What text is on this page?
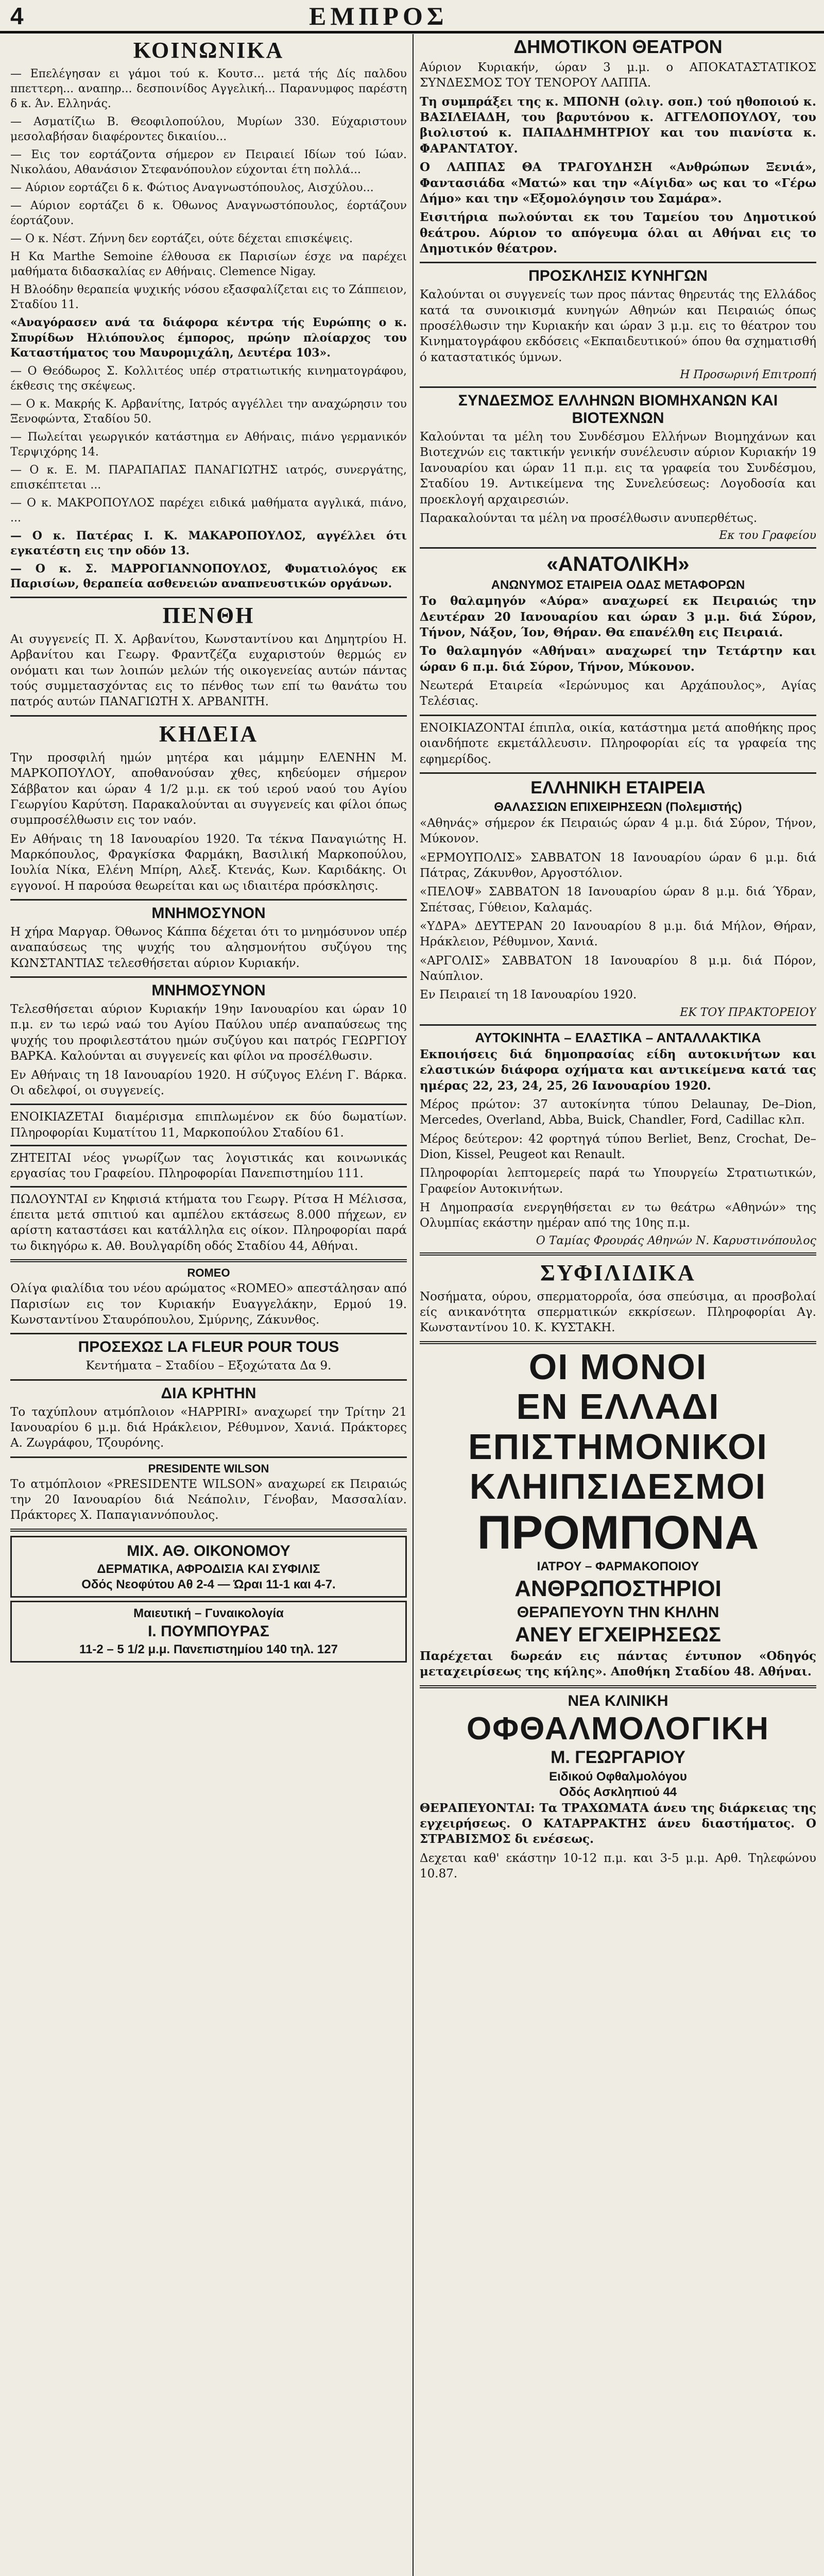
4	ΕΜΠΡΟΣ
ΚΟΙΝΩΝΙΚΑ

— Επελέγησαν ει γάμοι τού κ. Κουτσ... μετά τής Δίς παλδου ππεττερη... αναπηρ... δεσποινίδος Αγγελική... Παρανυμφος παρέστη δ κ. Άν. Ελληνάς.

— Ασματίζιω Β. Θεοφιλοπούλου, Μυρίων 330. Εύχαριστουν μεσολαβήσαν διαφέροντες δικαιίου...

— Εις τον εορτάζοντα σήμερον εν Πειραιεί Ιδίων τού Ιώαν. Νικολάου, Αθανάσιον Στεφανόπουλον εύχονται έτη πολλά...

— Αύριον εορτάζει δ κ. Φώτιος Αναγνωστόπουλος, Αισχύλου...

— Αύριον εορτάζει δ κ. Όθωνος Αναγνωστόπουλος, έορτάζουν έορτάζουν.

— Ο κ. Νέστ. Ζήννη δεν εορτάζει, ούτε δέχεται επισκέψεις.

Η Κα Marthe Semoine έλθουσα εκ Παρισίων έσχε να παρέχει μαθήματα διδασκαλίας εν Αθήναις. Clemence Nigay.

Η Βλοόδην θεραπεία ψυχικής νόσου εξασφαλίζεται εις το Ζάππειον, Σταδίου 11.

«Αναγόρασεν ανά τα διάφορα κέντρα τής Ευρώπης ο κ. Σπυρίδων Ηλιόπουλος έμπορος, πρώην πλοίαρχος του Καταστήματος του Μαυρομιχάλη, Δευτέρα 103».

— Ο Θεόδωρος Σ. Κολλιτέος υπέρ στρατιωτικής κινηματογράφου, έκθεσις της σκέψεως.

— Ο κ. Μακρής Κ. Αρβανίτης, Ιατρός αγγέλλει την αναχώρησιν του Ξενοφώντα, Σταδίου 50.

— Πωλείται γεωργικόν κατάστημα εν Αθήναις, πιάνο γερμανικόν Τερψιχόρης 14.

— Ο κ. Ε. Μ. ΠΑΡΑΠΑΠΑΣ ΠΑΝΑΓΙΩΤΗΣ ιατρός, συνεργάτης, επισκέπτεται ...

— Ο κ. ΜΑΚΡΟΠΟΥΛΟΣ παρέχει ειδικά μαθήματα αγγλικά, πιάνο, ...

— Ο κ. Πατέρας Ι. Κ. ΜΑΚΑΡΟΠΟΥΛΟΣ, αγγέλλει ότι εγκατέστη εις την οδόν 13.

— Ο κ. Σ. ΜΑΡΡΟΓΙΑΝΝΟΠΟΥΛΟΣ, Φυματιολόγος εκ Παρισίων, θεραπεία ασθενειών αναπνευστικών οργάνων.

ΠΕΝΘΗ

Αι συγγενείς Π. Χ. Αρβανίτου, Κωνσταντίνου και Δημητρίου Η. Αρβανίτου και Γεωργ. Φραντζέζα ευχαριστούν θερμώς εν ονόματι και των λοιπών μελών τής οικογενείας αυτών πάντας τούς συμμετασχόντας εις το πένθος των επί τω θανάτω του πατρός αυτών ΠΑΝΑΓΙΩΤΗ Χ. ΑΡΒΑΝΙΤΗ.

ΚΗΔΕΙΑ

Την προσφιλή ημών μητέρα και μάμμην ΕΛΕΝΗΝ Μ. ΜΑΡΚΟΠΟΥΛΟΥ, αποθανούσαν χθες, κηδεύομεν σήμερον Σάββατον και ώραν 4 1/2 μ.μ. εκ τού ιερού ναού του Αγίου Γεωργίου Καρύτση. Παρακαλούνται αι συγγενείς και φίλοι όπως συμπροσέλθωσιν εις τον ναόν.

Εν Αθήναις τη 18 Ιανουαρίου 1920. Τα τέκνα Παναγιώτης Η. Μαρκόπουλος, Φραγκίσκα Φαρμάκη, Βασιλική Μαρκοπούλου, Ιουλία Νίκα, Ελένη Μπίρη, Αλεξ. Κτενάς, Κων. Καριδάκης. Οι εγγονοί. Η παρούσα θεωρείται και ως ιδιαιτέρα πρόσκλησις.

ΜΝΗΜΟΣΥΝΟΝ

Η χήρα Μαργαρ. Όθωνος Κάππα δέχεται ότι το μνημόσυνον υπέρ αναπαύσεως της ψυχής του αλησμονήτου συζύγου της ΚΩΝΣΤΑΝΤΙΑΣ τελεσθήσεται αύριον Κυριακήν.

ΜΝΗΜΟΣΥΝΟΝ

Τελεσθήσεται αύριον Κυριακήν 19ην Ιανουαρίου και ώραν 10 π.μ. εν τω ιερώ ναώ του Αγίου Παύλου υπέρ αναπαύσεως της ψυχής του προφιλεστάτου ημών συζύγου και πατρός ΓΕΩΡΓΙΟΥ ΒΑΡΚΑ. Καλούνται αι συγγενείς και φίλοι να προσέλθωσιν.

Εν Αθήναις τη 18 Ιανουαρίου 1920. Η σύζυγος Ελένη Γ. Βάρκα. Οι αδελφοί, οι συγγενείς.

ΕΝΟΙΚΙΑΖΕΤΑΙ διαμέρισμα επιπλωμένον εκ δύο δωματίων. Πληροφορίαι Κυματίτου 11, Μαρκοπούλου Σταδίου 61.

ΖΗΤΕΙΤΑΙ νέος γνωρίζων τας λογιστικάς και κοινωνικάς εργασίας του Γραφείου. Πληροφορίαι Πανεπιστημίου 111.

ΠΩΛΟΥΝΤΑΙ εν Κηφισιά κτήματα του Γεωργ. Ρίτσα Η Μέλισσα, έπειτα μετά σπιτιού και αμπέλου εκτάσεως 8.000 πήχεων, εν αρίστη καταστάσει και κατάλληλα εις οίκον. Πληροφορίαι παρά τω δικηγόρω κ. Αθ. Βουλγαρίδη οδός Σταδίου 44, Αθήναι.

ROMEO

Ολίγα φιαλίδια του νέου αρώματος «ROMEO» απεστάλησαν από Παρισίων εις τον Κυριακήν Ευαγγελάκην, Ερμού 19. Κωνσταντίνου Σταυρόπουλου, Σμύρνης, Ζάκυνθος.

ΠΡΟΣΕΧΩΣ LA FLEUR POUR TOUS

Κεντήματα – Σταδίου – Εξοχώτατα Δα 9.

ΔΙΑ ΚΡΗΤΗΝ

Το ταχύπλουν ατμόπλοιον «HAPPIRI» αναχωρεί την Τρίτην 21 Ιανουαρίου 6 μ.μ. διά Ηράκλειον, Ρέθυμνον, Χανιά. Πράκτορες Α. Ζωγράφου, Τζουρόνης.

PRESIDENTE WILSON

Το ατμόπλοιον «PRESIDENTE WILSON» αναχωρεί εκ Πειραιώς την 20 Ιανουαρίου διά Νεάπολιν, Γένοβαν, Μασσαλίαν. Πράκτορες Χ. Παπαγιαννόπουλος.

ΜΙΧ. ΑΘ. ΟΙΚΟΝΟΜΟΥ
ΔΕΡΜΑΤΙΚΑ, ΑΦΡΟΔΙΣΙΑ ΚΑΙ ΣΥΦΙΛΙΣ
Οδός Νεοφύτου Αθ 2-4 — Ώραι 11-1 και 4-7.
Μαιευτική – Γυναικολογία
Ι. ΠΟΥΜΠΟΥΡΑΣ
11-2 – 5 1/2 μ.μ. Πανεπιστημίου 140 τηλ. 127
ΔΗΜΟΤΙΚΟΝ ΘΕΑΤΡΟΝ

Αύριον Κυριακήν, ώραν 3 μ.μ. ο ΑΠΟΚΑΤΑΣΤΑΤΙΚΟΣ ΣΥΝΔΕΣΜΟΣ ΤΟΥ ΤΕΝΟΡΟΥ ΛΑΠΠΑ.

Τη συμπράξει της κ. ΜΠΟΝΗ (ολιγ. σοπ.) τού ηθοποιού κ. ΒΑΣΙΛΕΙΑΔΗ, του βαρυτόνου κ. ΑΓΓΕΛΟΠΟΥΛΟΥ, του βιολιστού κ. ΠΑΠΑΔΗΜΗΤΡΙΟΥ και του πιανίστα κ. ΦΑΡΑΝΤΑΤΟΥ.

Ο ΛΑΠΠΑΣ ΘΑ ΤΡΑΓΟΥΔΗΣΗ «Ανθρώπων Ξενιά», Φαντασιάδα «Ματώ» και την «Αίγιδα» ως και το «Γέρω Δήμο» και την «Εξομολόγησιν του Σαμάρα».

Εισιτήρια πωλούνται εκ του Ταμείου του Δημοτικού θεάτρου. Αύριον το απόγευμα όλαι αι Αθήναι εις το Δημοτικόν θέατρον.

ΠΡΟΣΚΛΗΣΙΣ ΚΥΝΗΓΩΝ

Καλούνται οι συγγενείς των προς πάντας θηρευτάς της Ελλάδος κατά τα συνοικισμά κυνηγών Αθηνών και Πειραιώς όπως προσέλθωσιν την Κυριακήν και ώραν 3 μ.μ. εις το θέατρον του Κινηματογράφου εκδόσεις «Εκπαιδευτικού» όπου θα σχηματισθή ό καταστατικός ύμνων.

Η Προσωρινή Επιτροπή
ΣΥΝΔΕΣΜΟΣ ΕΛΛΗΝΩΝ ΒΙΟΜΗΧΑΝΩΝ ΚΑΙ ΒΙΟΤΕΧΝΩΝ

Καλούνται τα μέλη του Συνδέσμου Ελλήνων Βιομηχάνων και Βιοτεχνών εις τακτικήν γενικήν συνέλευσιν αύριον Κυριακήν 19 Ιανουαρίου και ώραν 11 π.μ. εις τα γραφεία του Συνδέσμου, Σταδίου 19. Αντικείμενα της Συνελεύσεως: Λογοδοσία και προεκλογή αρχαιρεσιών.

Παρακαλούνται τα μέλη να προσέλθωσιν ανυπερθέτως.

Εκ του Γραφείου
«ΑΝΑΤΟΛΙΚΗ»
ΑΝΩΝΥΜΟΣ ΕΤΑΙΡΕΙΑ ΟΔΑΣ ΜΕΤΑΦΟΡΩΝ

Το θαλαμηγόν «Αύρα» αναχωρεί εκ Πειραιώς την Δευτέραν 20 Ιανουαρίου και ώραν 3 μ.μ. διά Σύρον, Τήνον, Νάξον, Ίον, Θήραν. Θα επανέλθη εις Πειραιά.

Το θαλαμηγόν «Αθήναι» αναχωρεί την Τετάρτην και ώραν 6 π.μ. διά Σύρον, Τήνον, Μύκονον.

Νεωτερά Εταιρεία «Ιερώνυμος και Αρχάπουλος», Αγίας Τελέσιας.

ΕΝΟΙΚΙΑΖΟΝΤΑΙ έπιπλα, οικία, κατάστημα μετά αποθήκης προς οιανδήποτε εκμετάλλευσιν. Πληροφορίαι είς τα γραφεία της εφημερίδος.

ΕΛΛΗΝΙΚΗ ΕΤΑΙΡΕΙΑ
ΘΑΛΑΣΣΙΩΝ ΕΠΙΧΕΙΡΗΣΕΩΝ (Πολεμιστής)

«Αθηνάς» σήμερον έκ Πειραιώς ώραν 4 μ.μ. διά Σύρον, Τήνον, Μύκονον.

«ΕΡΜΟΥΠΟΛΙΣ» ΣΑΒΒΑΤΟΝ 18 Ιανουαρίου ώραν 6 μ.μ. διά Πάτρας, Ζάκυνθον, Αργοστόλιον.

«ΠΕΛΟΨ» ΣΑΒΒΑΤΟΝ 18 Ιανουαρίου ώραν 8 μ.μ. διά Ύδραν, Σπέτσας, Γύθειον, Καλαμάς.

«ΥΔΡΑ» ΔΕΥΤΕΡΑΝ 20 Ιανουαρίου 8 μ.μ. διά Μήλον, Θήραν, Ηράκλειον, Ρέθυμνον, Χανιά.

«ΑΡΓΟΛΙΣ» ΣΑΒΒΑΤΟΝ 18 Ιανουαρίου 8 μ.μ. διά Πόρον, Ναύπλιον.

Εν Πειραιεί τη 18 Ιανουαρίου 1920.

ΕΚ ΤΟΥ ΠΡΑΚΤΟΡΕΙΟΥ
ΑΥΤΟΚΙΝΗΤΑ – ΕΛΑΣΤΙΚΑ – ΑΝΤΑΛΛΑΚΤΙΚΑ

Εκποιήσεις διά δημοπρασίας είδη αυτοκινήτων και ελαστικών διάφορα οχήματα και αντικείμενα κατά τας ημέρας 22, 23, 24, 25, 26 Ιανουαρίου 1920.

Μέρος πρώτον: 37 αυτοκίνητα τύπου Delaunay, De–Dion, Mercedes, Overland, Abba, Buick, Chandler, Ford, Cadillac κλπ.

Μέρος δεύτερον: 42 φορτηγά τύπου Berliet, Benz, Crochat, De–Dion, Kissel, Peugeot και Renault.

Πληροφορίαι λεπτομερείς παρά τω Υπουργείω Στρατιωτικών, Γραφείον Αυτοκινήτων.

Η Δημοπρασία ενεργηθήσεται εν τω θεάτρω «Αθηνών» της Ολυμπίας εκάστην ημέραν από της 10ης π.μ.

Ο Ταμίας Φρουράς Αθηνών Ν. Καρυστινόπουλος
ΣΥΦΙΛΙΔΙΚΑ

Νοσήματα, ούρου, σπερματορροΐα, όσα σπεύσιμα, αι προσβολαί είς ανικανότητα σπερματικών εκκρίσεων. Πληροφορίαι Αγ. Κωνσταντίνου 10. Κ. ΚΥΣΤΑΚΗ.

ΟΙ ΜΟΝΟΙ
ΕΝ ΕΛΛΑΔΙ
ΕΠΙΣΤΗΜΟΝΙΚΟΙ
ΚΛΗΙΠΣΙΔΕΣΜΟΙ
ΠΡΟΜΠΟΝΑ
ΙΑΤΡΟΥ – ΦΑΡΜΑΚΟΠΟΙΟΥ
ΑΝΘΡΩΠΟΣΤΗΡΙΟΙ
ΘΕΡΑΠΕΥΟΥΝ ΤΗΝ ΚΗΛΗΝ
ΑΝΕΥ ΕΓΧΕΙΡΗΣΕΩΣ

Παρέχεται δωρεάν εις πάντας έντυπον «Οδηγός μεταχειρίσεως της κήλης». Αποθήκη Σταδίου 48. Αθήναι.

ΝΕΑ ΚΛΙΝΙΚΗ
ΟΦΘΑΛΜΟΛΟΓΙΚΗ
Μ. ΓΕΩΡΓΑΡΙΟΥ
Ειδικού Οφθαλμολόγου
Οδός Ασκληπιού 44

ΘΕΡΑΠΕΥΟΝΤΑΙ: Τα ΤΡΑΧΩΜΑΤΑ άνευ της διάρκειας της εγχειρήσεως. Ο ΚΑΤΑΡΡΑΚΤΗΣ άνευ διαστήματος. Ο ΣΤΡΑΒΙΣΜΟΣ δι ενέσεως.

Δεχεται καθ' εκάστην 10-12 π.μ. και 3-5 μ.μ. Αρθ. Τηλεφώνου 10.87.
